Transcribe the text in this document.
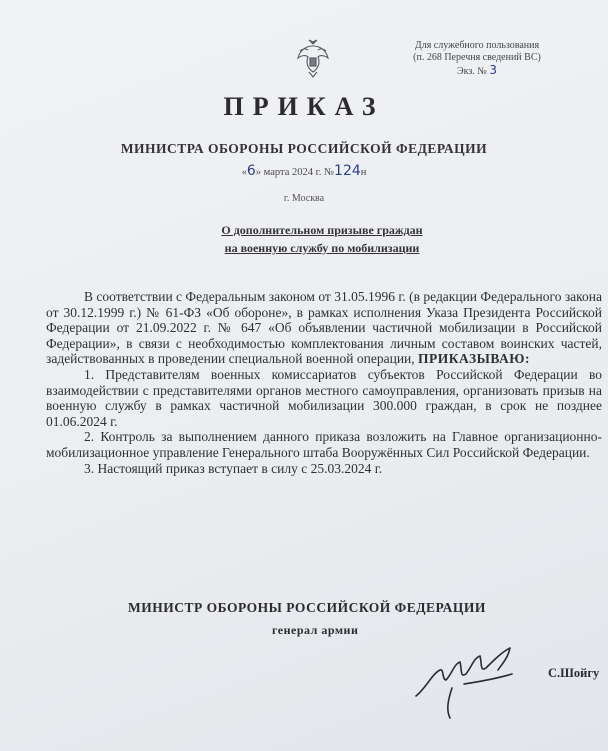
Для служебного пользования
(п. 268 Перечня сведений ВС)
Экз. № 3
ПРИКАЗ
МИНИСТРА ОБОРОНЫ РОССИЙСКОЙ ФЕДЕРАЦИИ
«6» марта 2024 г. №124н
г. Москва
О дополнительном призыве граждан
на военную службу по мобилизации

В соответствии с Федеральным законом от 31.05.1996 г. (в редакции Федерального закона от 30.12.1999 г.) № 61-ФЗ «Об обороне», в рамках исполнения Указа Президента Российской Федерации от 21.09.2022 г. № 647 «Об объявлении частичной мобилизации в Российской Федерации», в связи с необходимостью комплектования личным составом воинских частей, задействованных в проведении специальной военной операции, ПРИКАЗЫВАЮ:

1. Представителям военных комиссариатов субъектов Российской Федерации во взаимодействии с представителями органов местного самоуправления, организовать призыв на военную службу в рамках частичной мобилизации 300.000 граждан, в срок не позднее 01.06.2024 г.

2. Контроль за выполнением данного приказа возложить на Главное организационно-мобилизационное управление Генерального штаба Вооружённых Сил Российской Федерации.

3. Настоящий приказ вступает в силу с 25.03.2024 г.

МИНИСТР ОБОРОНЫ РОССИЙСКОЙ ФЕДЕРАЦИИ
генерал армии
С.Шойгу
